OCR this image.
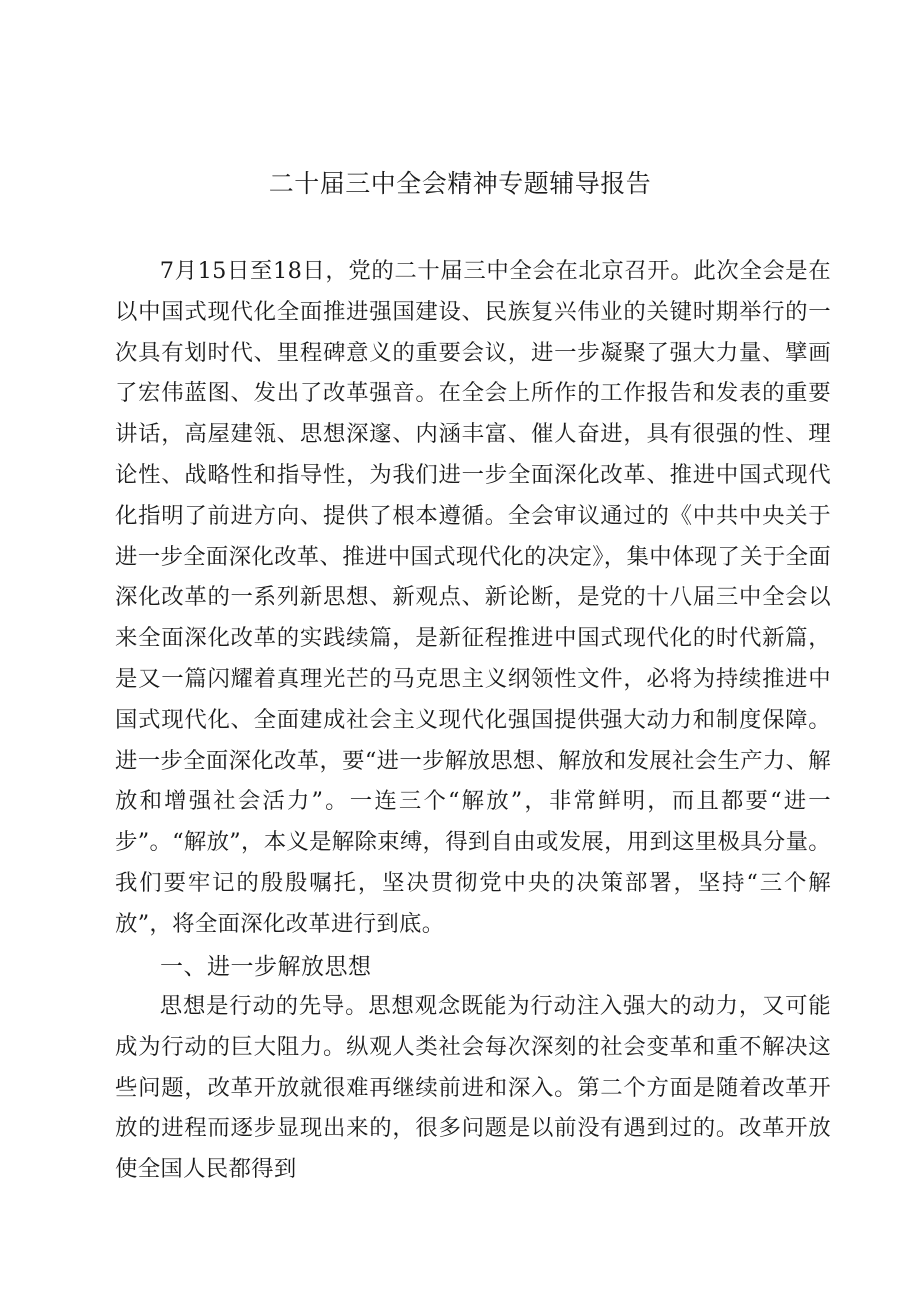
二十届三中全会精神专题辅导报告

7月15日至18日，党的二十届三中全会在北京召开。此次全会是在以中国式现代化全面推进强国建设、民族复兴伟业的关键时期举行的一次具有划时代、里程碑意义的重要会议，进一步凝聚了强大力量、擘画了宏伟蓝图、发出了改革强音。在全会上所作的工作报告和发表的重要讲话，高屋建瓴、思想深邃、内涵丰富、催人奋进，具有很强的性、理论性、战略性和指导性，为我们进一步全面深化改革、推进中国式现代化指明了前进方向、提供了根本遵循。全会审议通过的《中共中央关于进一步全面深化改革、推进中国式现代化的决定》，集中体现了关于全面深化改革的一系列新思想、新观点、新论断，是党的十八届三中全会以来全面深化改革的实践续篇，是新征程推进中国式现代化的时代新篇，是又一篇闪耀着真理光芒的马克思主义纲领性文件，必将为持续推进中国式现代化、全面建成社会主义现代化强国提供强大动力和制度保障。进一步全面深化改革，要“进一步解放思想、解放和发展社会生产力、解放和增强社会活力”。一连三个“解放”，非常鲜明，而且都要“进一步”。“解放”，本义是解除束缚，得到自由或发展，用到这里极具分量。我们要牢记的殷殷嘱托，坚决贯彻党中央的决策部署，坚持“三个解放”，将全面深化改革进行到底。

一、进一步解放思想

思想是行动的先导。思想观念既能为行动注入强大的动力，又可能成为行动的巨大阻力。纵观人类社会每次深刻的社会变革和重不解决这些问题，改革开放就很难再继续前进和深入。第二个方面是随着改革开放的进程而逐步显现出来的，很多问题是以前没有遇到过的。改革开放使全国人民都得到
